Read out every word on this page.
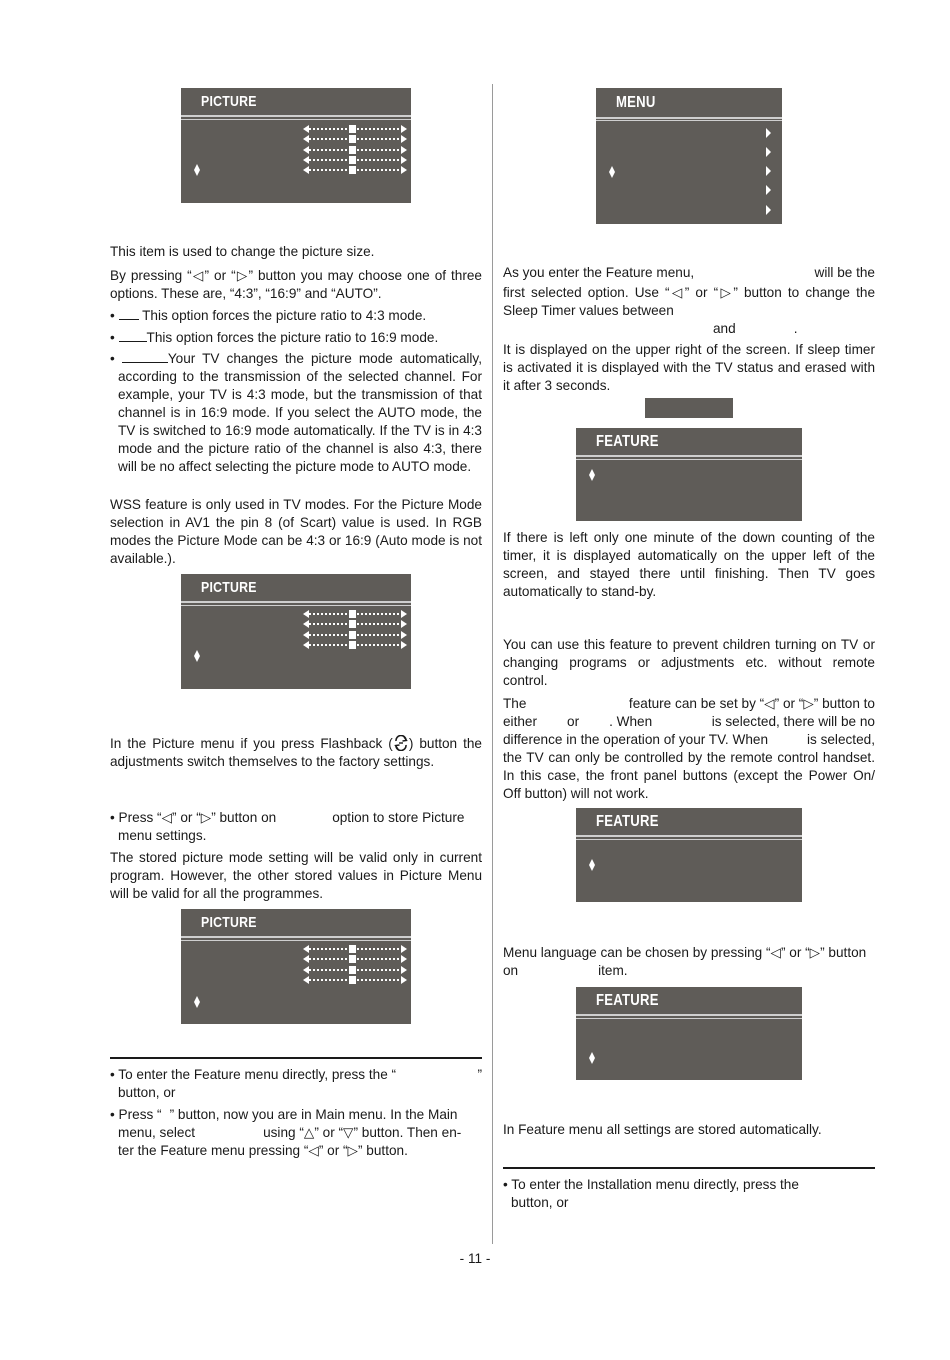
PICTURE

This item is used to change the picture size.

By pressing “◁” or “▷” button you may choose one of three options. These are, “4:3”, “16:9” and “AUTO”.

• This option forces the picture ratio to 4:3 mode.
• This option forces the picture ratio to 16:9 mode.

•	Your TV changes the picture mode automatically, according to the transmission of the selected channel. For example, your TV is 4:3 mode, but the transmission of that channel is in 16:9 mode. If you select the AUTO mode, the TV is switched to 16:9 mode automatically. If the TV is in 4:3 mode and the picture ratio of the channel is also 4:3, there will be no affect selecting the picture mode to AUTO mode.

WSS feature is only used in TV modes. For the Picture Mode selection in AV1 the pin 8 (of Scart) value is used. In RGB modes the Picture Mode can be 4:3 or 16:9 (Auto mode is not available.).

PICTURE

In the Picture menu if you press Flashback ( ) button the adjustments switch themselves to the factory settings.

• Press “◁” or “▷” button on	option to store Picture
menu settings.

The stored picture mode setting will be valid only in current program. However, the other stored values in Picture Menu will be valid for all the programmes.

PICTURE
• To enter the Feature menu directly, press the “	”
button, or
• Press “ ” button, now you are in Main menu. In the Main
menu, select	using “△” or “▽” button. Then en-
ter the Feature menu pressing “◁” or “▷” button.
MENU
As you enter the Feature menu,	will be the

first selected option. Use “◁” or “▷” button to change the Sleep Timer values between

and	.

It is displayed on the upper right of the screen. If sleep timer is activated it is displayed with the TV status and erased with it after 3 seconds.

FEATURE

If there is left only one minute of the down counting of the timer, it is displayed automatically on the upper left of the screen, and stayed there until finishing. Then TV goes automatically to stand-by.

You can use this feature to prevent children turning on TV or changing programs or adjustments etc. without remote control.

The	feature can be set by “◁” or “▷” button to
either or . When	is selected, there will be no
difference in the operation of your TV. When	is selected,

the TV can only be controlled by the remote control handset. In this case, the front panel buttons (except the Power On/ Off button) will not work.

FEATURE
Menu language can be chosen by pressing “◁” or “▷” button
on	item.
FEATURE

In Feature menu all settings are stored automatically.

• To enter the Installation menu directly, press the
button, or
- 11 -
